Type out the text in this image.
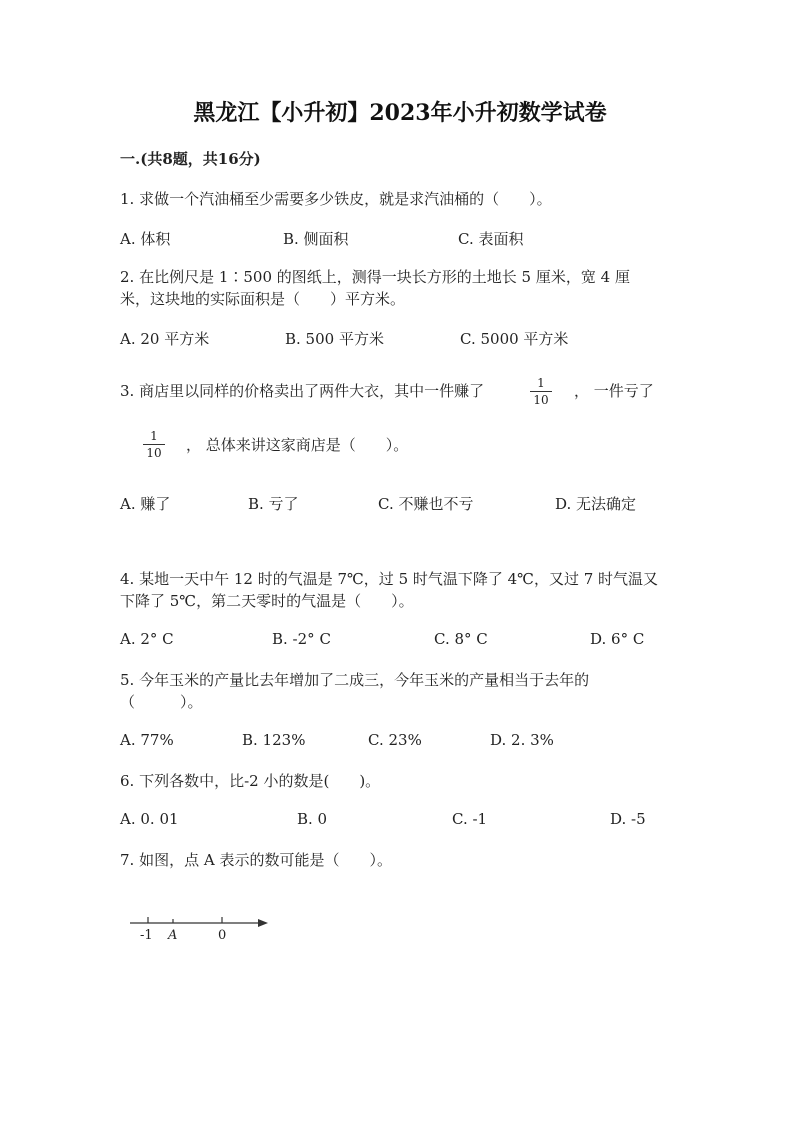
黑龙江【小升初】2023年小升初数学试卷
一.(共8题，共16分)
1. 求做一个汽油桶至少需要多少铁皮，就是求汽油桶的（　　）。
A. 体积	B. 侧面积	C. 表面积
2. 在比例尺是 1∶500 的图纸上，测得一块长方形的土地长 5 厘米，宽 4 厘
米，这块地的实际面积是（　　）平方米。
A. 20 平方米	B. 500 平方米	C. 5000 平方米
3. 商店里以同样的价格卖出了两件大衣，其中一件赚了	1
10	， 一件亏了
1
10	， 总体来讲这家商店是（　　）。
A. 赚了	B. 亏了	C. 不赚也不亏	D. 无法确定
4. 某地一天中午 12 时的气温是 7℃，过 5 时气温下降了 4℃，又过 7 时气温又
下降了 5℃，第二天零时的气温是（　　）。
A. 2° C	B. -2° C	C. 8° C	D. 6° C
5. 今年玉米的产量比去年增加了二成三，今年玉米的产量相当于去年的
（　　　）。
A. 77%	B. 123%	C. 23%	D. 2. 3%
6. 下列各数中，比-2 小的数是(　　)。
A. 0. 01	B. 0	C. -1	D. -5
7. 如图，点 A 表示的数可能是（　　）。
-1 A	0
